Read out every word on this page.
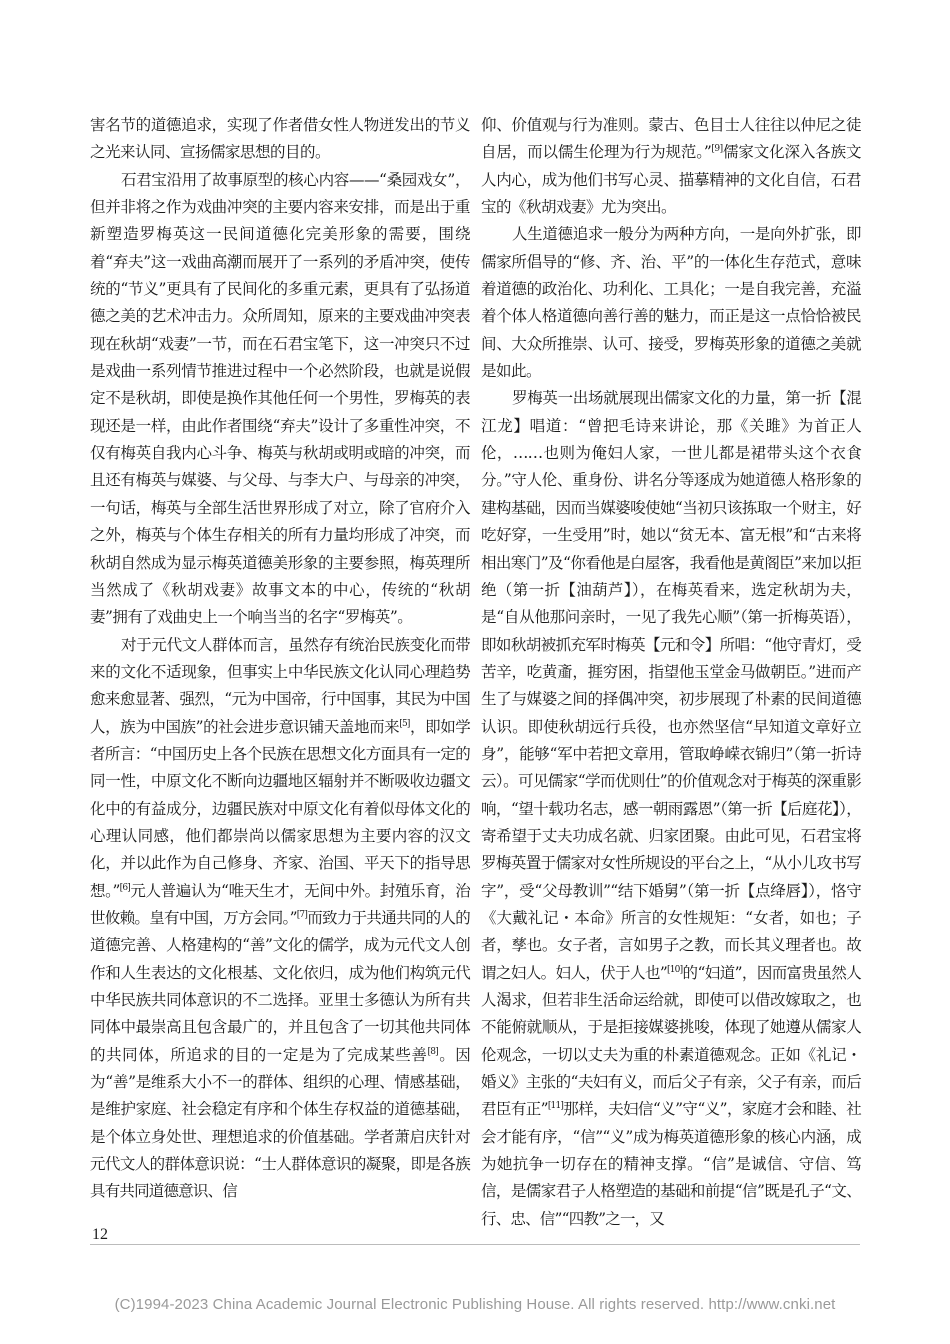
害名节的道德追求，实现了作者借女性人物迸发出的节义之光来认同、宣扬儒家思想的目的。

石君宝沿用了故事原型的核心内容——“桑园戏女”，但并非将之作为戏曲冲突的主要内容来安排，而是出于重新塑造罗梅英这一民间道德化完美形象的需要，围绕着“弃夫”这一戏曲高潮而展开了一系列的矛盾冲突，使传统的“节义”更具有了民间化的多重元素，更具有了弘扬道德之美的艺术冲击力。众所周知，原来的主要戏曲冲突表现在秋胡“戏妻”一节，而在石君宝笔下，这一冲突只不过是戏曲一系列情节推进过程中一个必然阶段，也就是说假定不是秋胡，即使是换作其他任何一个男性，罗梅英的表现还是一样，由此作者围绕“弃夫”设计了多重性冲突，不仅有梅英自我内心斗争、梅英与秋胡或明或暗的冲突，而且还有梅英与媒婆、与父母、与李大户、与母亲的冲突，一句话，梅英与全部生活世界形成了对立，除了官府介入之外，梅英与个体生存相关的所有力量均形成了冲突，而秋胡自然成为显示梅英道德美形象的主要参照，梅英理所当然成了《秋胡戏妻》故事文本的中心，传统的“秋胡妻”拥有了戏曲史上一个响当当的名字“罗梅英”。

对于元代文人群体而言，虽然存有统治民族变化而带来的文化不适现象，但事实上中华民族文化认同心理趋势愈来愈显著、强烈，“元为中国帝，行中国事，其民为中国人，族为中国族”的社会进步意识铺天盖地而来[5]，即如学者所言：“中国历史上各个民族在思想文化方面具有一定的同一性，中原文化不断向边疆地区辐射并不断吸收边疆文化中的有益成分，边疆民族对中原文化有着似母体文化的心理认同感，他们都崇尚以儒家思想为主要内容的汉文化，并以此作为自己修身、齐家、治国、平天下的指导思想。”[6]元人普遍认为“唯天生才，无间中外。封殖乐育，治世攸赖。皇有中国，万方会同。”[7]而致力于共通共同的人的道德完善、人格建构的“善”文化的儒学，成为元代文人创作和人生表达的文化根基、文化依归，成为他们构筑元代中华民族共同体意识的不二选择。亚里士多德认为所有共同体中最崇高且包含最广的，并且包含了一切其他共同体的共同体，所追求的目的一定是为了完成某些善[8]。因为“善”是维系大小不一的群体、组织的心理、情感基础，是维护家庭、社会稳定有序和个体生存权益的道德基础，是个体立身处世、理想追求的价值基础。学者萧启庆针对元代文人的群体意识说：“士人群体意识的凝聚，即是各族具有共同道德意识、信

仰、价值观与行为准则。蒙古、色目士人往往以仲尼之徒自居，而以儒生伦理为行为规范。”[9]儒家文化深入各族文人内心，成为他们书写心灵、描摹精神的文化自信，石君宝的《秋胡戏妻》尤为突出。

人生道德追求一般分为两种方向，一是向外扩张，即儒家所倡导的“修、齐、治、平”的一体化生存范式，意味着道德的政治化、功利化、工具化；一是自我完善，充溢着个体人格道德向善行善的魅力，而正是这一点恰恰被民间、大众所推崇、认可、接受，罗梅英形象的道德之美就是如此。

罗梅英一出场就展现出儒家文化的力量，第一折【混江龙】唱道：“曾把毛诗来讲论，那《关雎》为首正人伦，……也则为俺妇人家，一世儿都是裙带头这个衣食分。”守人伦、重身份、讲名分等逐成为她道德人格形象的建构基础，因而当媒婆唆使她“当初只该拣取一个财主，好吃好穿，一生受用”时，她以“贫无本、富无根”和“古来将相出寒门”及“你看他是白屋客，我看他是黄阁臣”来加以拒绝（第一折【油葫芦】），在梅英看来，选定秋胡为夫，是“自从他那问亲时，一见了我先心顺”（第一折梅英语），即如秋胡被抓充军时梅英【元和令】所唱：“他守青灯，受苦辛，吃黄齑，捱穷困，指望他玉堂金马做朝臣。”进而产生了与媒婆之间的择偶冲突，初步展现了朴素的民间道德认识。即使秋胡远行兵役，也亦然坚信“早知道文章好立身”，能够“军中若把文章用，管取峥嵘衣锦归”（第一折诗云）。可见儒家“学而优则仕”的价值观念对于梅英的深重影响，“望十载功名志，感一朝雨露恩”（第一折【后庭花】），寄希望于丈夫功成名就、归家团聚。由此可见，石君宝将罗梅英置于儒家对女性所规设的平台之上，“从小儿攻书写字”，受“父母教训”“结下婚舅”（第一折【点绛唇】），恪守《大戴礼记・本命》所言的女性规矩：“女者，如也；子者，孳也。女子者，言如男子之教，而长其义理者也。故谓之妇人。妇人，伏于人也”[10]的“妇道”，因而富贵虽然人人渴求，但若非生活命运给就，即使可以借改嫁取之，也不能俯就顺从，于是拒接媒婆挑唆，体现了她遵从儒家人伦观念，一切以丈夫为重的朴素道德观念。正如《礼记・婚义》主张的“夫妇有义，而后父子有亲，父子有亲，而后君臣有正”[11]那样，夫妇信“义”守“义”，家庭才会和睦、社会才能有序，“信”“义”成为梅英道德形象的核心内涵，成为她抗争一切存在的精神支撑。“信”是诚信、守信、笃信，是儒家君子人格塑造的基础和前提“信”既是孔子“文、行、忠、信”“四教”之一，又

12
(C)1994-2023 China Academic Journal Electronic Publishing House. All rights reserved. http://www.cnki.net
